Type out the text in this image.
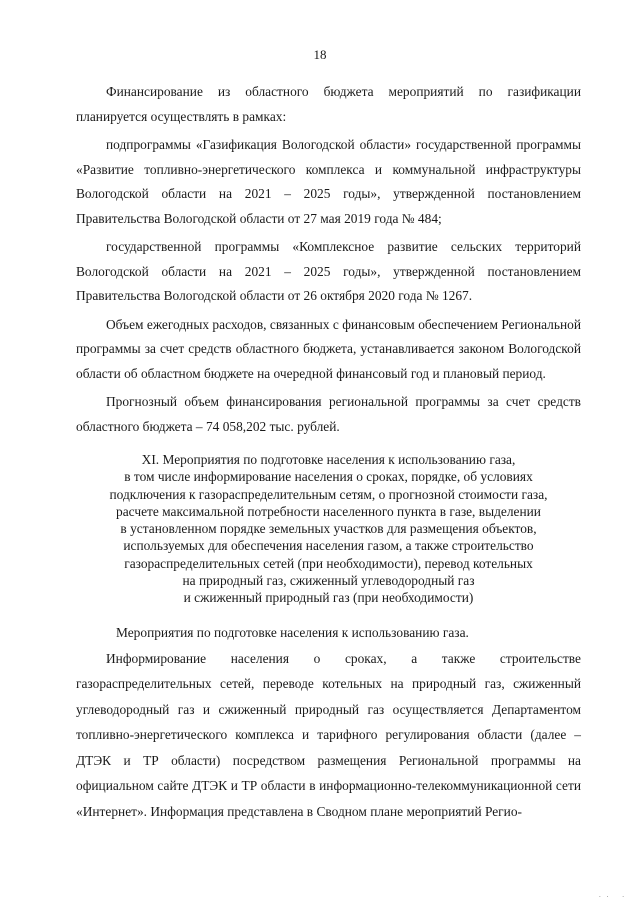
18

Финансирование из областного бюджета мероприятий по газификации планируется осуществлять в рамках:

подпрограммы «Газификация Вологодской области» государственной программы «Развитие топливно-энергетического комплекса и коммунальной инфраструктуры Вологодской области на 2021 – 2025 годы», утвержденной постановлением Правительства Вологодской области от 27 мая 2019 года № 484;

государственной программы «Комплексное развитие сельских территорий Вологодской области на 2021 – 2025 годы», утвержденной постановлением Правительства Вологодской области от 26 октября 2020 года № 1267.

Объем ежегодных расходов, связанных с финансовым обеспечением Региональной программы за счет средств областного бюджета, устанавливается законом Вологодской области об областном бюджете на очередной финансовый год и плановый период.

Прогнозный объем финансирования региональной программы за счет средств областного бюджета – 74 058,202 тыс. рублей.

XI. Мероприятия по подготовке населения к использованию газа,
в том числе информирование населения о сроках, порядке, об условиях
подключения к газораспределительным сетям, о прогнозной стоимости газа,
расчете максимальной потребности населенного пункта в газе, выделении
в установленном порядке земельных участков для размещения объектов,
используемых для обеспечения населения газом, а также строительство
газораспределительных сетей (при необходимости), перевод котельных
на природный газ, сжиженный углеводородный газ
и сжиженный природный газ (при необходимости)

Мероприятия по подготовке населения к использованию газа.

Информирование населения о сроках, а также строительстве газораспределительных сетей, переводе котельных на природный газ, сжиженный углеводородный газ и сжиженный природный газ осуществляется Департаментом топливно-энергетического комплекса и тарифного регулирования области (далее – ДТЭК и ТР области) посредством размещения Региональной программы на официальном сайте ДТЭК и ТР области в информационно-телекоммуникационной сети «Интернет». Информация представлена в Сводном плане мероприятий Регио-

.. .
